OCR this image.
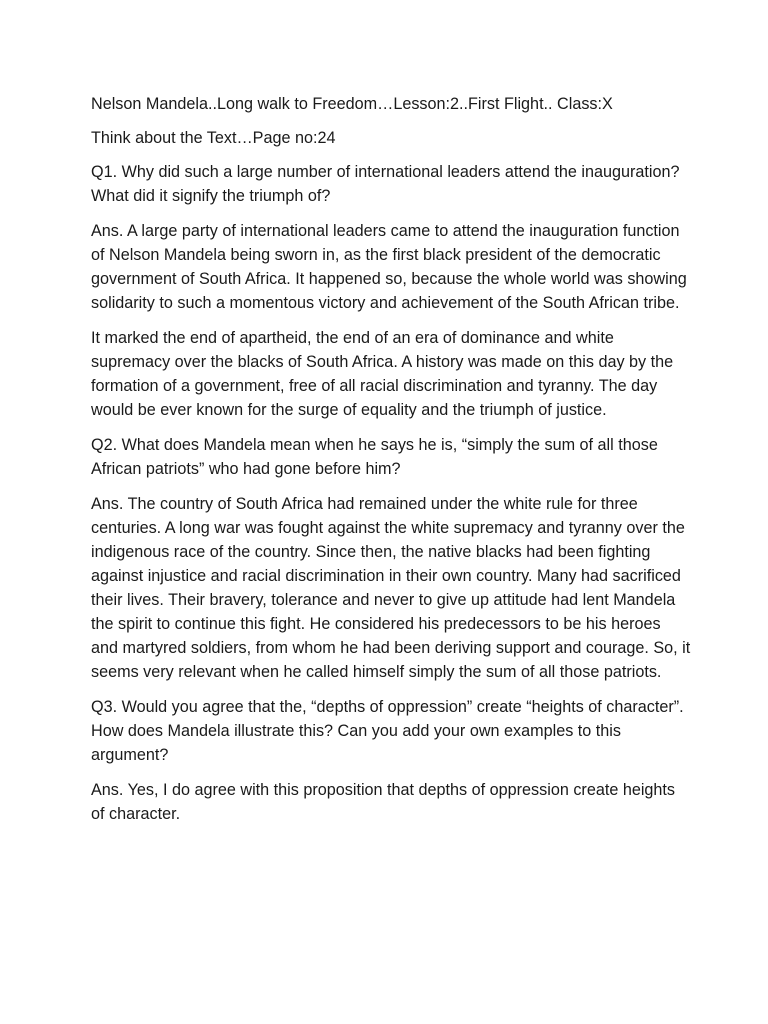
Nelson Mandela..Long walk to Freedom…Lesson:2..First Flight.. Class:X

Think about the Text…Page no:24

Q1. Why did such a large number of international leaders attend the inauguration? What did it signify the triumph of?

Ans. A large party of international leaders came to attend the inauguration function of Nelson Mandela being sworn in, as the first black president of the democratic government of South Africa. It happened so, because the whole world was showing solidarity to such a momentous victory and achievement of the South African tribe.

It marked the end of apartheid, the end of an era of dominance and white supremacy over the blacks of South Africa. A history was made on this day by the formation of a government, free of all racial discrimination and tyranny. The day would be ever known for the surge of equality and the triumph of justice.

Q2. What does Mandela mean when he says he is, “simply the sum of all those African patriots” who had gone before him?

Ans. The country of South Africa had remained under the white rule for three centuries. A long war was fought against the white supremacy and tyranny over the indigenous race of the country. Since then, the native blacks had been fighting against injustice and racial discrimination in their own country. Many had sacrificed their lives. Their bravery, tolerance and never to give up attitude had lent Mandela the spirit to continue this fight. He considered his predecessors to be his heroes and martyred soldiers, from whom he had been deriving support and courage. So, it seems very relevant when he called himself simply the sum of all those patriots.

Q3. Would you agree that the, “depths of oppression” create “heights of character”. How does Mandela illustrate this? Can you add your own examples to this argument?

Ans. Yes, I do agree with this proposition that depths of oppression create heights of character.
